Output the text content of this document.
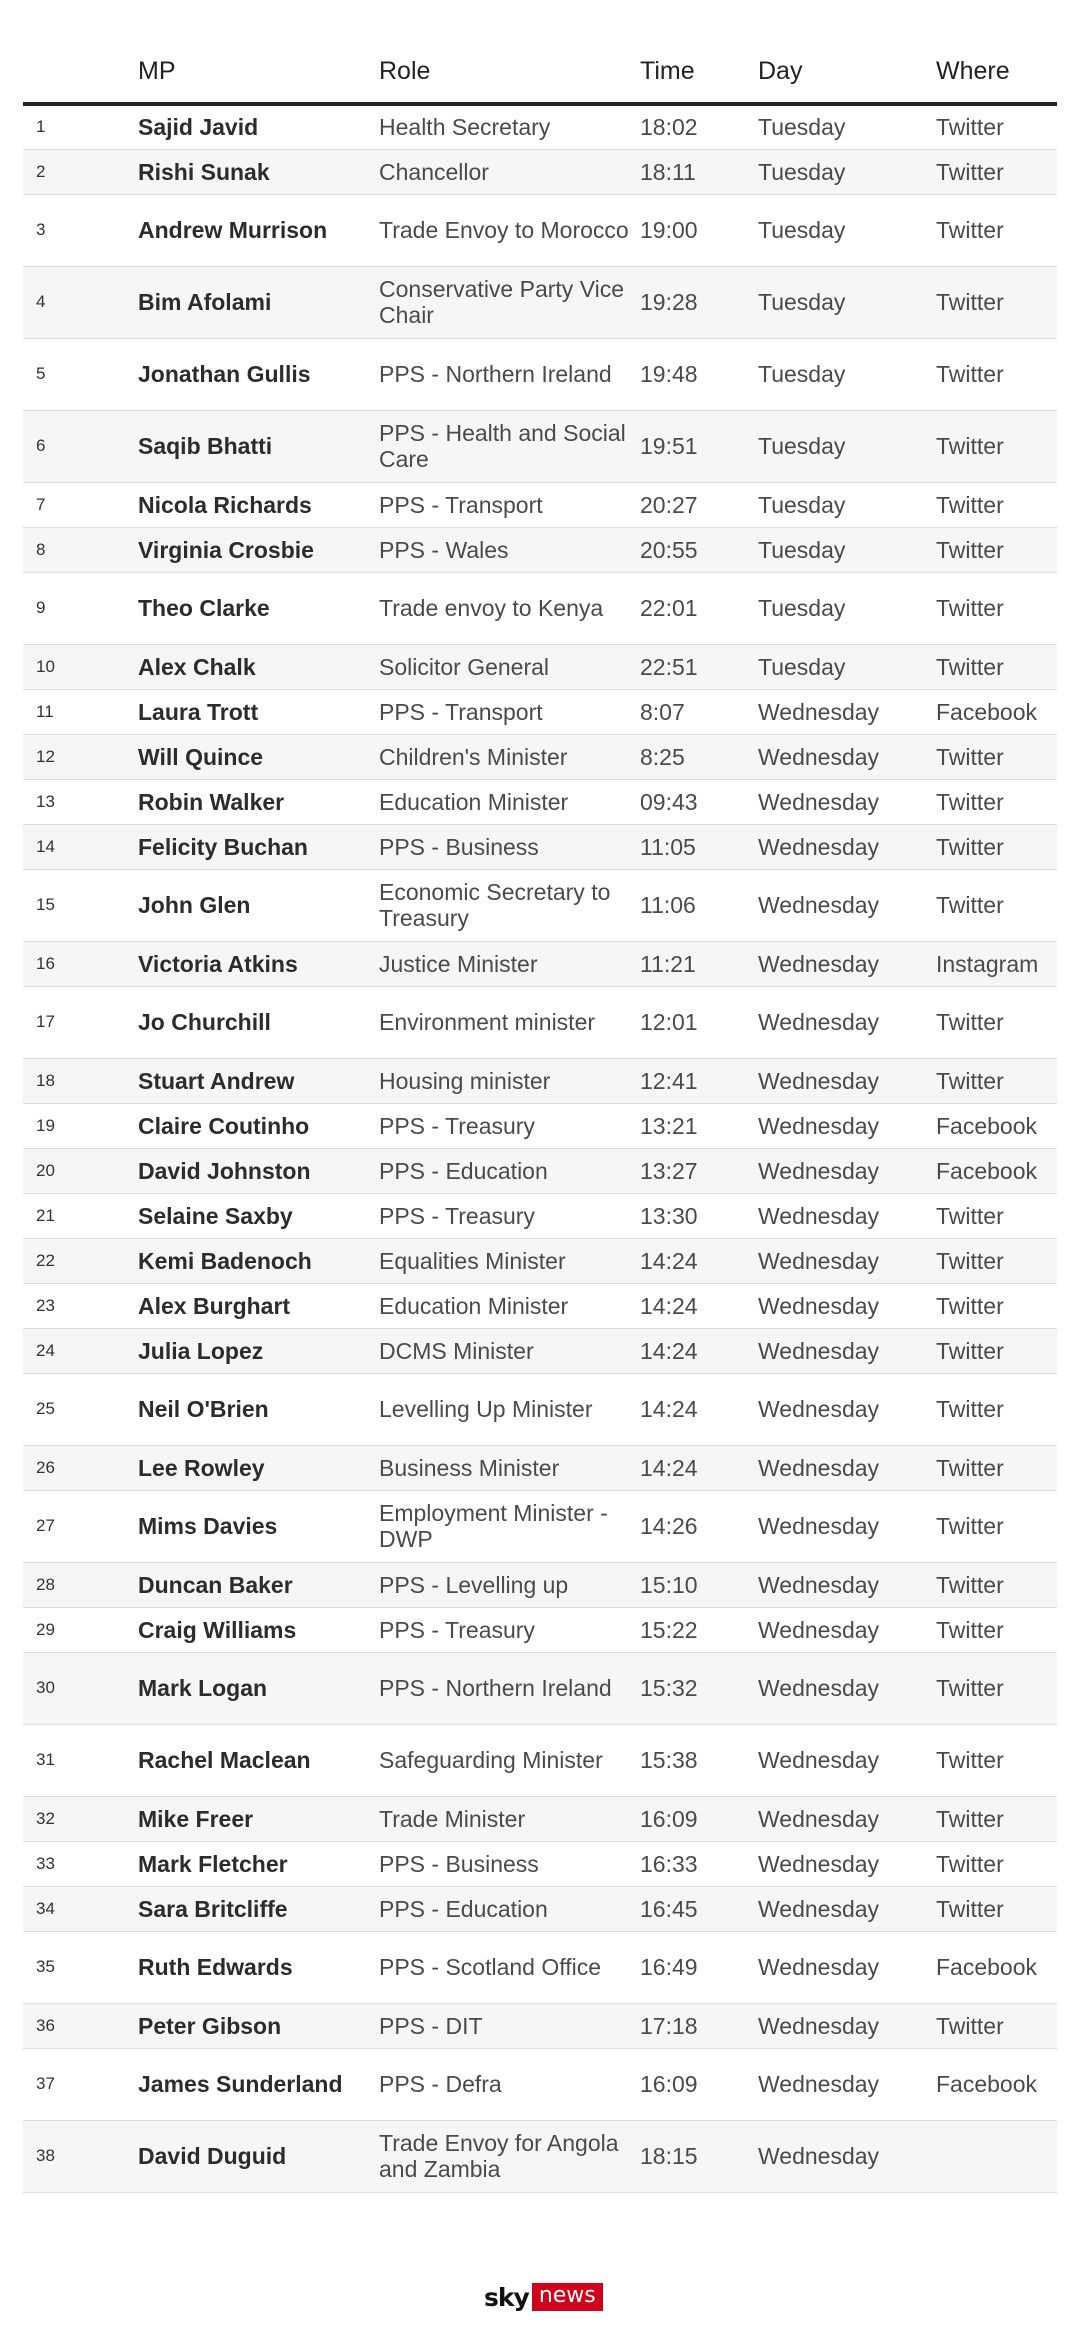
	MP	Role	Time	Day	Where
1	Sajid Javid	Health Secretary	18:02	Tuesday	Twitter
2	Rishi Sunak	Chancellor	18:11	Tuesday	Twitter
3	Andrew Murrison	Trade Envoy to Morocco	19:00	Tuesday	Twitter
4	Bim Afolami	Conservative Party Vice Chair	19:28	Tuesday	Twitter
5	Jonathan Gullis	PPS - Northern Ireland	19:48	Tuesday	Twitter
6	Saqib Bhatti	PPS - Health and Social Care	19:51	Tuesday	Twitter
7	Nicola Richards	PPS - Transport	20:27	Tuesday	Twitter
8	Virginia Crosbie	PPS - Wales	20:55	Tuesday	Twitter
9	Theo Clarke	Trade envoy to Kenya	22:01	Tuesday	Twitter
10	Alex Chalk	Solicitor General	22:51	Tuesday	Twitter
11	Laura Trott	PPS - Transport	8:07	Wednesday	Facebook
12	Will Quince	Children's Minister	8:25	Wednesday	Twitter
13	Robin Walker	Education Minister	09:43	Wednesday	Twitter
14	Felicity Buchan	PPS - Business	11:05	Wednesday	Twitter
15	John Glen	Economic Secretary to Treasury	11:06	Wednesday	Twitter
16	Victoria Atkins	Justice Minister	11:21	Wednesday	Instagram
17	Jo Churchill	Environment minister	12:01	Wednesday	Twitter
18	Stuart Andrew	Housing minister	12:41	Wednesday	Twitter
19	Claire Coutinho	PPS - Treasury	13:21	Wednesday	Facebook
20	David Johnston	PPS - Education	13:27	Wednesday	Facebook
21	Selaine Saxby	PPS - Treasury	13:30	Wednesday	Twitter
22	Kemi Badenoch	Equalities Minister	14:24	Wednesday	Twitter
23	Alex Burghart	Education Minister	14:24	Wednesday	Twitter
24	Julia Lopez	DCMS Minister	14:24	Wednesday	Twitter
25	Neil O'Brien	Levelling Up Minister	14:24	Wednesday	Twitter
26	Lee Rowley	Business Minister	14:24	Wednesday	Twitter
27	Mims Davies	Employment Minister - DWP	14:26	Wednesday	Twitter
28	Duncan Baker	PPS - Levelling up	15:10	Wednesday	Twitter
29	Craig Williams	PPS - Treasury	15:22	Wednesday	Twitter
30	Mark Logan	PPS - Northern Ireland	15:32	Wednesday	Twitter
31	Rachel Maclean	Safeguarding Minister	15:38	Wednesday	Twitter
32	Mike Freer	Trade Minister	16:09	Wednesday	Twitter
33	Mark Fletcher	PPS - Business	16:33	Wednesday	Twitter
34	Sara Britcliffe	PPS - Education	16:45	Wednesday	Twitter
35	Ruth Edwards	PPS - Scotland Office	16:49	Wednesday	Facebook
36	Peter Gibson	PPS - DIT	17:18	Wednesday	Twitter
37	James Sunderland	PPS - Defra	16:09	Wednesday	Facebook
38	David Duguid	Trade Envoy for Angola and Zambia	18:15	Wednesday	
sky news
